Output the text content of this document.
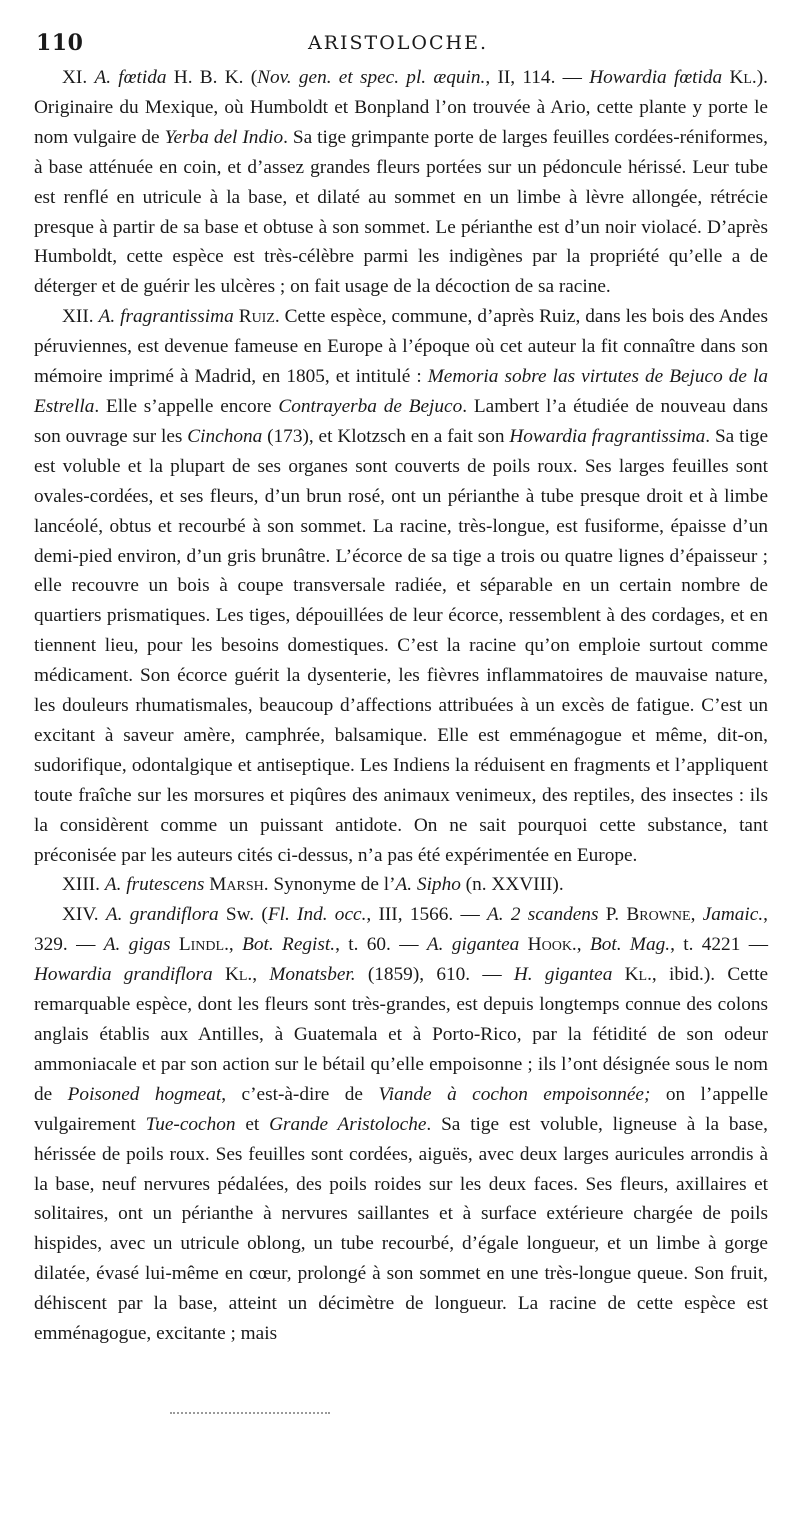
110	ARISTOLOCHE.

XI. A. fœtida H. B. K. (Nov. gen. et spec. pl. æquin., II, 114. — Howardia fœtida Kl.). Originaire du Mexique, où Humboldt et Bonpland l’on trouvée à Ario, cette plante y porte le nom vulgaire de Yerba del Indio. Sa tige grimpante porte de larges feuilles cordées-réniformes, à base atténuée en coin, et d’assez grandes fleurs portées sur un pédoncule hérissé. Leur tube est renflé en utricule à la base, et dilaté au sommet en un limbe à lèvre allongée, rétrécie presque à partir de sa base et obtuse à son sommet. Le périanthe est d’un noir violacé. D’après Humboldt, cette espèce est très-célèbre parmi les indigènes par la propriété qu’elle a de déterger et de guérir les ulcères ; on fait usage de la décoction de sa racine.

XII. A. fragrantissima Ruiz. Cette espèce, commune, d’après Ruiz, dans les bois des Andes péruviennes, est devenue fameuse en Europe à l’époque où cet auteur la fit connaître dans son mémoire imprimé à Madrid, en 1805, et intitulé : Memoria sobre las virtutes de Bejuco de la Estrella. Elle s’appelle encore Contrayerba de Bejuco. Lambert l’a étudiée de nouveau dans son ouvrage sur les Cinchona (173), et Klotzsch en a fait son Howardia fragrantissima. Sa tige est voluble et la plupart de ses organes sont couverts de poils roux. Ses larges feuilles sont ovales-cordées, et ses fleurs, d’un brun rosé, ont un périanthe à tube presque droit et à limbe lancéolé, obtus et recourbé à son sommet. La racine, très-longue, est fusiforme, épaisse d’un demi-pied environ, d’un gris brunâtre. L’écorce de sa tige a trois ou quatre lignes d’épaisseur ; elle recouvre un bois à coupe transversale radiée, et séparable en un certain nombre de quartiers prismatiques. Les tiges, dépouillées de leur écorce, ressemblent à des cordages, et en tiennent lieu, pour les besoins domestiques. C’est la racine qu’on emploie surtout comme médicament. Son écorce guérit la dysenterie, les fièvres inflammatoires de mauvaise nature, les douleurs rhumatismales, beaucoup d’affections attribuées à un excès de fatigue. C’est un excitant à saveur amère, camphrée, balsamique. Elle est emménagogue et même, dit-on, sudorifique, odontalgique et antiseptique. Les Indiens la réduisent en fragments et l’appliquent toute fraîche sur les morsures et piqûres des animaux venimeux, des reptiles, des insectes : ils la considèrent comme un puissant antidote. On ne sait pourquoi cette substance, tant préconisée par les auteurs cités ci-dessus, n’a pas été expérimentée en Europe.

XIII. A. frutescens Marsh. Synonyme de l’A. Sipho (n. XXVIII).

XIV. A. grandiflora Sw. (Fl. Ind. occ., III, 1566. — A. 2 scandens P. Browne, Jamaic., 329. — A. gigas Lindl., Bot. Regist., t. 60. — A. gigantea Hook., Bot. Mag., t. 4221 — Howardia grandiflora Kl., Monatsber. (1859), 610. — H. gigantea Kl., ibid.). Cette remarquable espèce, dont les fleurs sont très-grandes, est depuis longtemps connue des colons anglais établis aux Antilles, à Guatemala et à Porto-Rico, par la fétidité de son odeur ammoniacale et par son action sur le bétail qu’elle empoisonne ; ils l’ont désignée sous le nom de Poisoned hogmeat, c’est-à-dire de Viande à cochon empoisonnée; on l’appelle vulgairement Tue-cochon et Grande Aristoloche. Sa tige est voluble, ligneuse à la base, hérissée de poils roux. Ses feuilles sont cordées, aiguës, avec deux larges auricules arrondis à la base, neuf nervures pédalées, des poils roides sur les deux faces. Ses fleurs, axillaires et solitaires, ont un périanthe à nervures saillantes et à surface extérieure chargée de poils hispides, avec un utricule oblong, un tube recourbé, d’égale longueur, et un limbe à gorge dilatée, évasé lui-même en cœur, prolongé à son sommet en une très-longue queue. Son fruit, déhiscent par la base, atteint un décimètre de longueur. La racine de cette espèce est emménagogue, excitante ; mais
